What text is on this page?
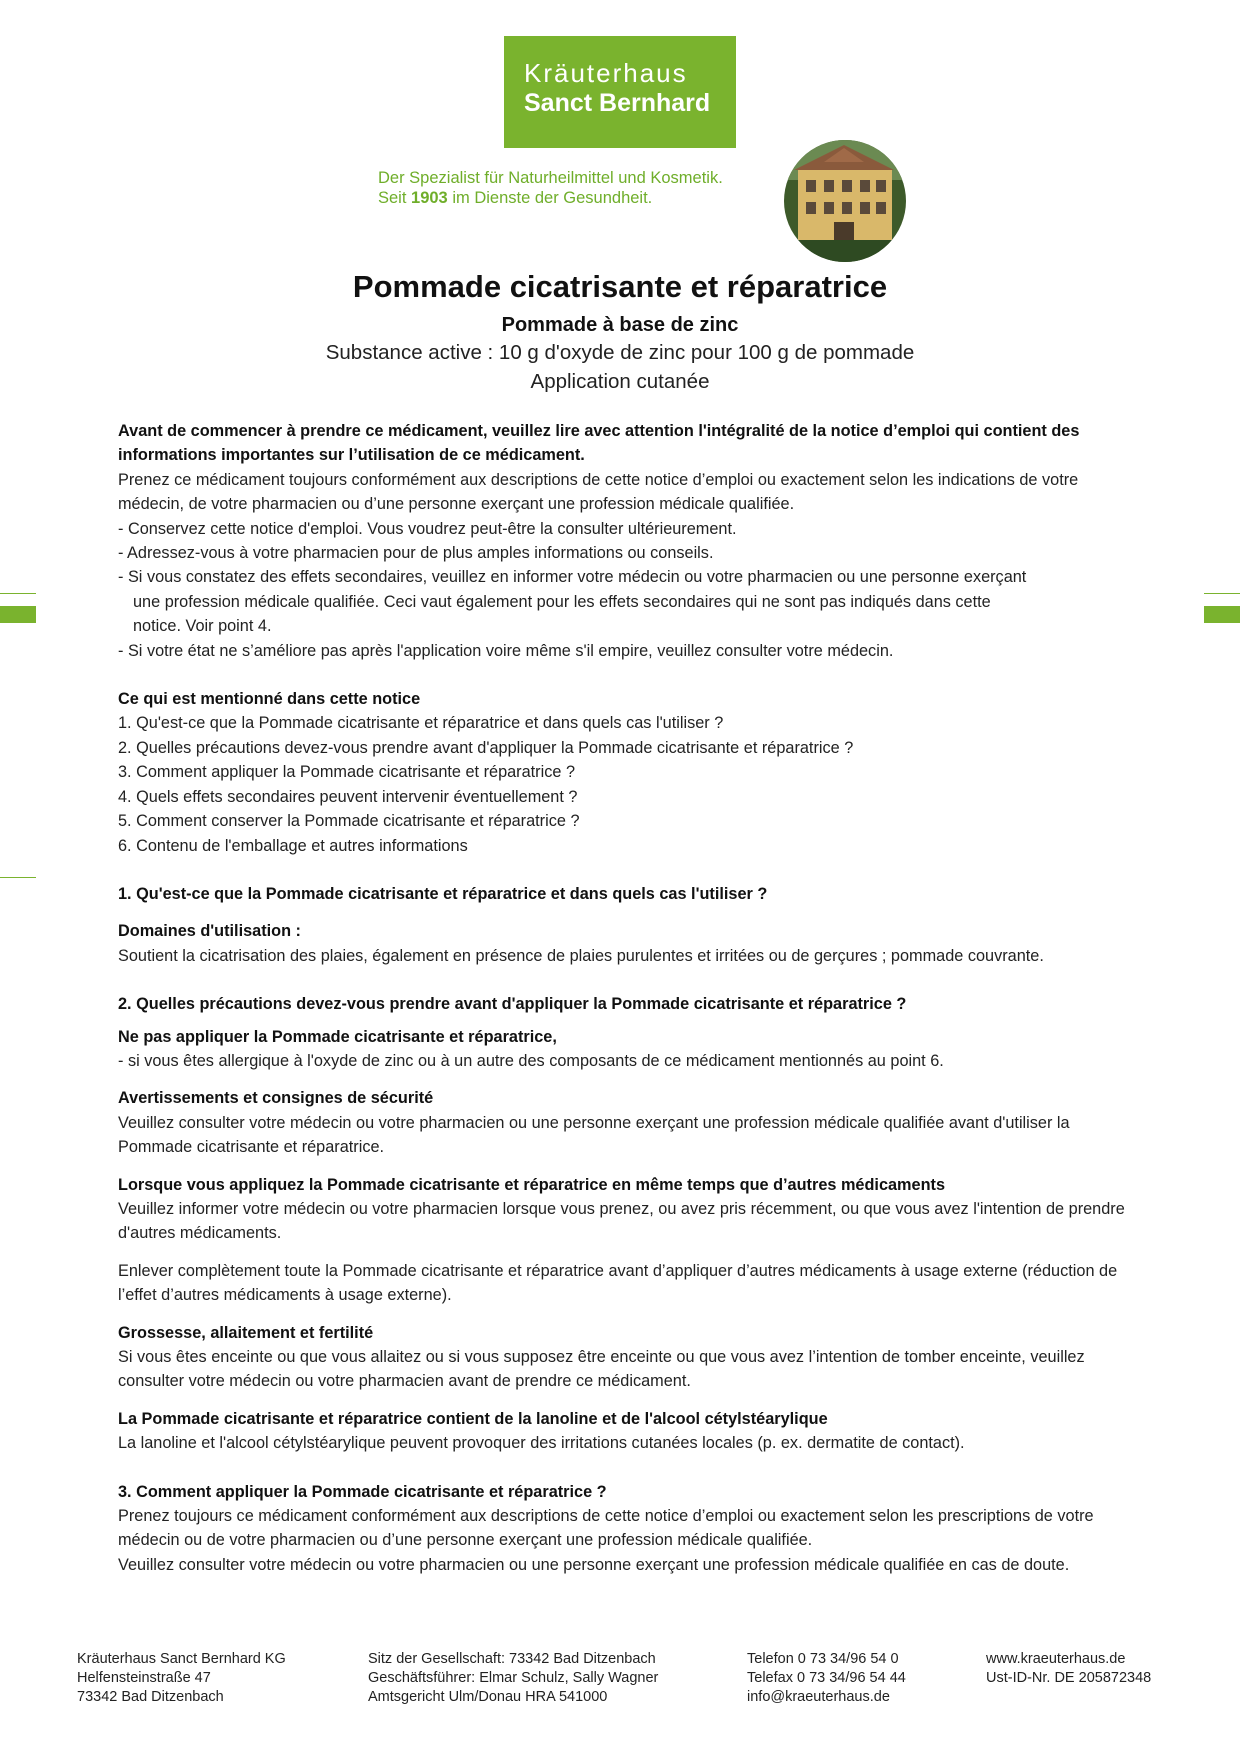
Kräuterhaus
Sanct Bernhard
Der Spezialist für Naturheilmittel und Kosmetik.
Seit 1903 im Dienste der Gesundheit.
Pommade cicatrisante et réparatrice
Pommade à base de zinc
Substance active : 10 g d'oxyde de zinc pour 100 g de pommade
Application cutanée

Avant de commencer à prendre ce médicament, veuillez lire avec attention l'intégralité de la notice d’emploi qui contient des informations importantes sur l’utilisation de ce médicament.

Prenez ce médicament toujours conformément aux descriptions de cette notice d’emploi ou exactement selon les indications de votre médecin, de votre pharmacien ou d’une personne exerçant une profession médicale qualifiée.

- Conservez cette notice d'emploi. Vous voudrez peut-être la consulter ultérieurement.

- Adressez-vous à votre pharmacien pour de plus amples informations ou conseils.

- Si vous constatez des effets secondaires, veuillez en informer votre médecin ou votre pharmacien ou une personne exerçant

une profession médicale qualifiée. Ceci vaut également pour les effets secondaires qui ne sont pas indiqués dans cette

notice. Voir point 4.

- Si votre état ne s’améliore pas après l'application voire même s'il empire, veuillez consulter votre médecin.

Ce qui est mentionné dans cette notice

1. Qu'est-ce que la Pommade cicatrisante et réparatrice et dans quels cas l'utiliser ?

2. Quelles précautions devez-vous prendre avant d'appliquer la Pommade cicatrisante et réparatrice ?

3. Comment appliquer la Pommade cicatrisante et réparatrice ?

4. Quels effets secondaires peuvent intervenir éventuellement ?

5. Comment conserver la Pommade cicatrisante et réparatrice ?

6. Contenu de l'emballage et autres informations

1. Qu'est-ce que la Pommade cicatrisante et réparatrice et dans quels cas l'utiliser ?

Domaines d'utilisation :

Soutient la cicatrisation des plaies, également en présence de plaies purulentes et irritées ou de gerçures ; pommade couvrante.

2. Quelles précautions devez-vous prendre avant d'appliquer la Pommade cicatrisante et réparatrice ?

Ne pas appliquer la Pommade cicatrisante et réparatrice,

- si vous êtes allergique à l'oxyde de zinc ou à un autre des composants de ce médicament mentionnés au point 6.

Avertissements et consignes de sécurité

Veuillez consulter votre médecin ou votre pharmacien ou une personne exerçant une profession médicale qualifiée avant d'utiliser la Pommade cicatrisante et réparatrice.

Lorsque vous appliquez la Pommade cicatrisante et réparatrice en même temps que d’autres médicaments

Veuillez informer votre médecin ou votre pharmacien lorsque vous prenez, ou avez pris récemment, ou que vous avez l'intention de prendre d'autres médicaments.

Enlever complètement toute la Pommade cicatrisante et réparatrice avant d’appliquer d’autres médicaments à usage externe (réduction de l’effet d’autres médicaments à usage externe).

Grossesse, allaitement et fertilité

Si vous êtes enceinte ou que vous allaitez ou si vous supposez être enceinte ou que vous avez l’intention de tomber enceinte, veuillez consulter votre médecin ou votre pharmacien avant de prendre ce médicament.

La Pommade cicatrisante et réparatrice contient de la lanoline et de l'alcool cétylstéarylique

La lanoline et l'alcool cétylstéarylique peuvent provoquer des irritations cutanées locales (p. ex. dermatite de contact).

3. Comment appliquer la Pommade cicatrisante et réparatrice ?

Prenez toujours ce médicament conformément aux descriptions de cette notice d’emploi ou exactement selon les prescriptions de votre médecin ou de votre pharmacien ou d’une personne exerçant une profession médicale qualifiée.

Veuillez consulter votre médecin ou votre pharmacien ou une personne exerçant une profession médicale qualifiée en cas de doute.

Kräuterhaus Sanct Bernhard KG
Helfensteinstraße 47
73342 Bad Ditzenbach
Sitz der Gesellschaft: 73342 Bad Ditzenbach
Geschäftsführer: Elmar Schulz, Sally Wagner
Amtsgericht Ulm/Donau HRA 541000
Telefon 0 73 34/96 54 0
Telefax 0 73 34/96 54 44
info@kraeuterhaus.de
www.kraeuterhaus.de
Ust-ID-Nr. DE 205872348
